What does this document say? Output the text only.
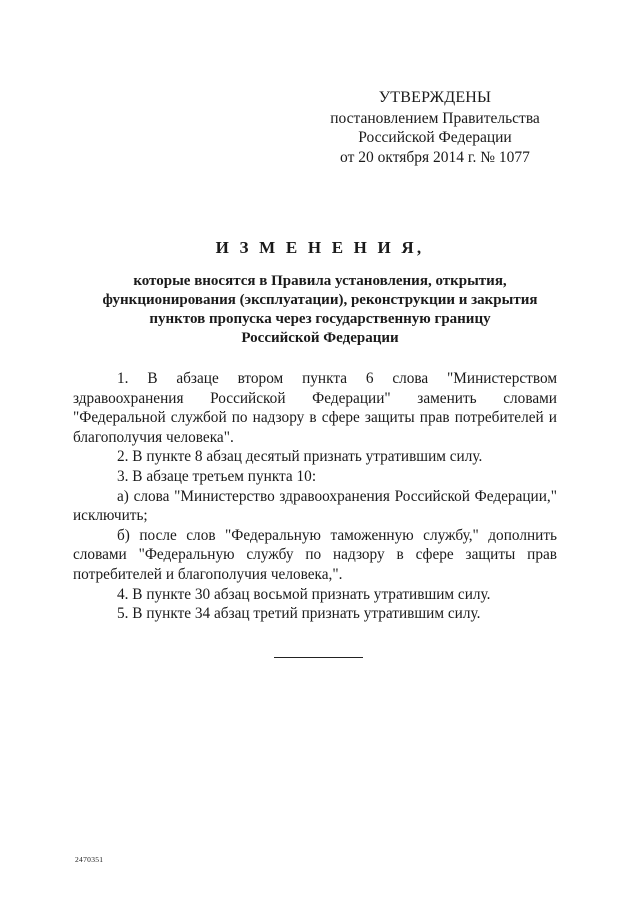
УТВЕРЖДЕНЫ
постановлением Правительства
Российской Федерации
от 20 октября 2014 г. № 1077
И З М Е Н Е Н И Я,
которые вносятся в Правила установления, открытия,
функционирования (эксплуатации), реконструкции и закрытия
пунктов пропуска через государственную границу
Российской Федерации

1. В абзаце втором пункта 6 слова "Министерством здравоохранения Российской Федерации" заменить словами "Федеральной службой по надзору в сфере защиты прав потребителей и благополучия человека".

2. В пункте 8 абзац десятый признать утратившим силу.

3. В абзаце третьем пункта 10:

а) слова "Министерство здравоохранения Российской Федерации," исключить;

б) после слов "Федеральную таможенную службу," дополнить словами "Федеральную службу по надзору в сфере защиты прав потребителей и благополучия человека,".

4. В пункте 30 абзац восьмой признать утратившим силу.

5. В пункте 34 абзац третий признать утратившим силу.

2470351
